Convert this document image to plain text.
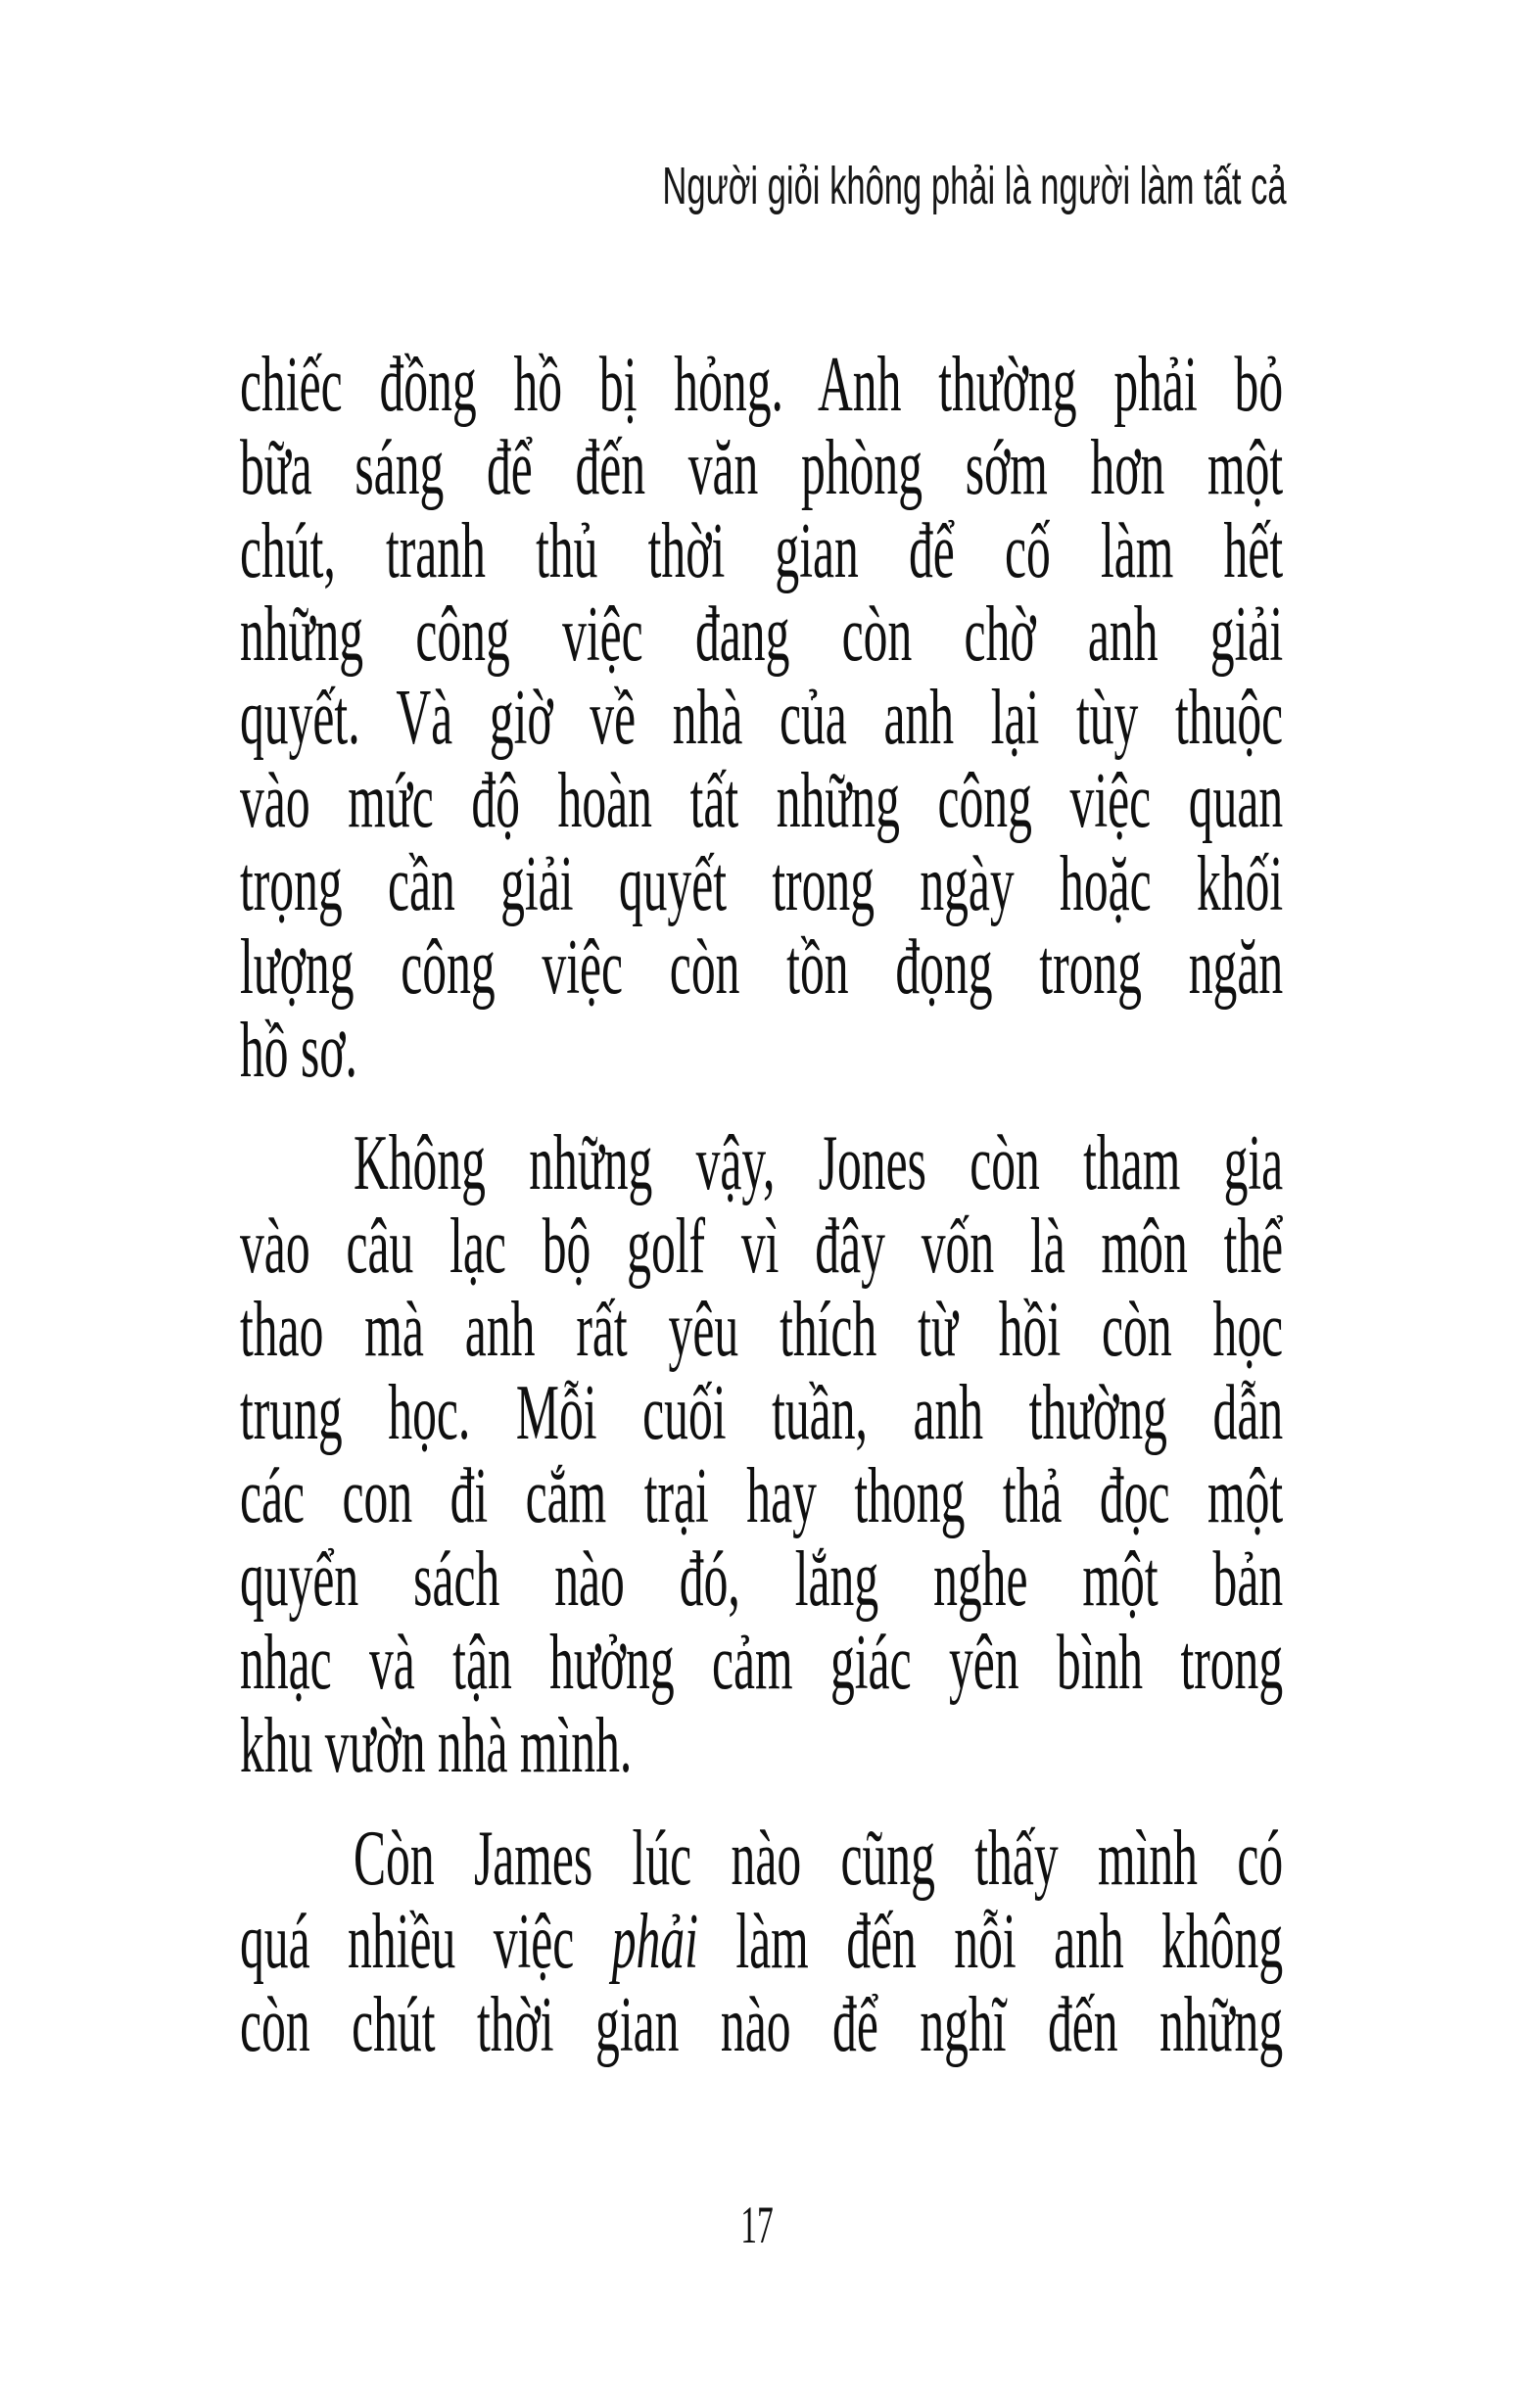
Người giỏi không phải là người làm tất cả
chiếc đồng hồ bị hỏng. Anh thường phải bỏ
bữa sáng để đến văn phòng sớm hơn một
chút, tranh thủ thời gian để cố làm hết
những công việc đang còn chờ anh giải
quyết. Và giờ về nhà của anh lại tùy thuộc
vào mức độ hoàn tất những công việc quan
trọng cần giải quyết trong ngày hoặc khối
lượng công việc còn tồn đọng trong ngăn
hồ sơ.
Không những vậy, Jones còn tham gia
vào câu lạc bộ golf vì đây vốn là môn thể
thao mà anh rất yêu thích từ hồi còn học
trung học. Mỗi cuối tuần, anh thường dẫn
các con đi cắm trại hay thong thả đọc một
quyển sách nào đó, lắng nghe một bản
nhạc và tận hưởng cảm giác yên bình trong
khu vườn nhà mình.
Còn James lúc nào cũng thấy mình có
quá nhiều việc phải làm đến nỗi anh không
còn chút thời gian nào để nghĩ đến những
17
